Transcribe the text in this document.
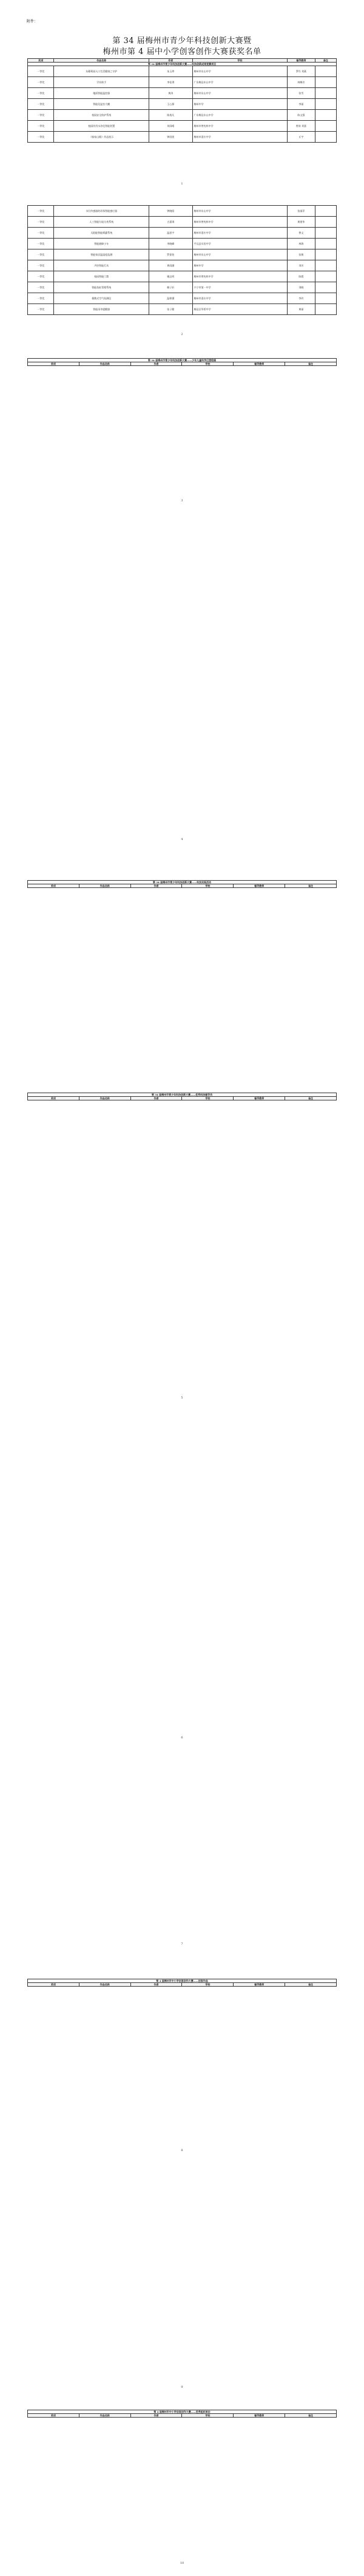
附件：
第 34 届梅州市青少年科技创新大赛暨
梅州市第 4 届中小学创客创作大赛获奖名单
奖项	作品名称	作者	学校	辅导教师	备注
第 34 届梅州市青少年科技创新大赛——科技创新成果竞赛项目					
一等奖	东葡萄园人口生活健康之守护	朱玉珍	梅州市东山中学	罗丹 刘燕	
一等奖	学业助手	李佳琪	广东梅县东山中学	林梅芳	
一等奖	地面智能温控器	黄涛	梅州市东山中学	张雪	
一等奖	智能化温室大棚	王心源	梅州中学	李丽	
一等奖	校园安全防护系统	陈逸凡	广东梅县东山中学	陈文强	
一等奖	校园饮用水净化智能装置	刘雨晴	梅州市曾宪梓中学	曾涛 刘嘉	
一等奖	《客家山歌》作品展示	钟雨萱	梅州市嘉应中学	丘宇	
1
一等奖	水位传感器的环保智能感应器	钟晓阳	梅州市东山中学	张丽萍	
一等奖	人工智能垃圾分类系统	古嘉琪	梅州市曾宪梓中学	黄建华	
一等奖	太阳能智能喷灌系统	温思宇	梅州市嘉应中学	曾文	
一等奖	智能避障小车	李晓峰	平远县实验中学	林海	
一等奖	智能家居温湿度监测	罗嘉怡	梅州市东山中学	张敏	
一等奖	声控智能灯具	黄雨涵	梅州中学	刘芳	
一等奖	校园智能门禁	谢志明	梅州市曾宪梓中学	陈霞	
一等奖	智能鱼缸管理系统	赖子轩	兴宁市第一中学	刘晓	
一等奖	便携式空气检测仪	温梓涵	梅州市嘉应中学	李玲	
一等奖	智能雨伞提醒器	张子健	梅县区华侨中学	黄丽	
2
第 34 届梅州市青少年科技创新大赛——少年儿童科学幻想绘画
奖项	作品名称	作者	学校	辅导教师	备注
3
第 34 届梅州市青少年科技创新大赛——科技实践活动
奖项	作品名称	作者	学校	辅导教师	备注
4
第 34 届梅州市青少年科技创新大赛——优秀科技辅导员
奖项	作品名称	作者	学校	辅导教师	备注
5
第 4 届梅州市中小学创客创作大赛——创客作品
奖项	作品名称	作者	学校	辅导教师	备注
6
7
8
第 4 届梅州市中小学创客创作大赛——优秀组织单位
奖项	作品名称	作者	学校	辅导教师	备注
9
10
